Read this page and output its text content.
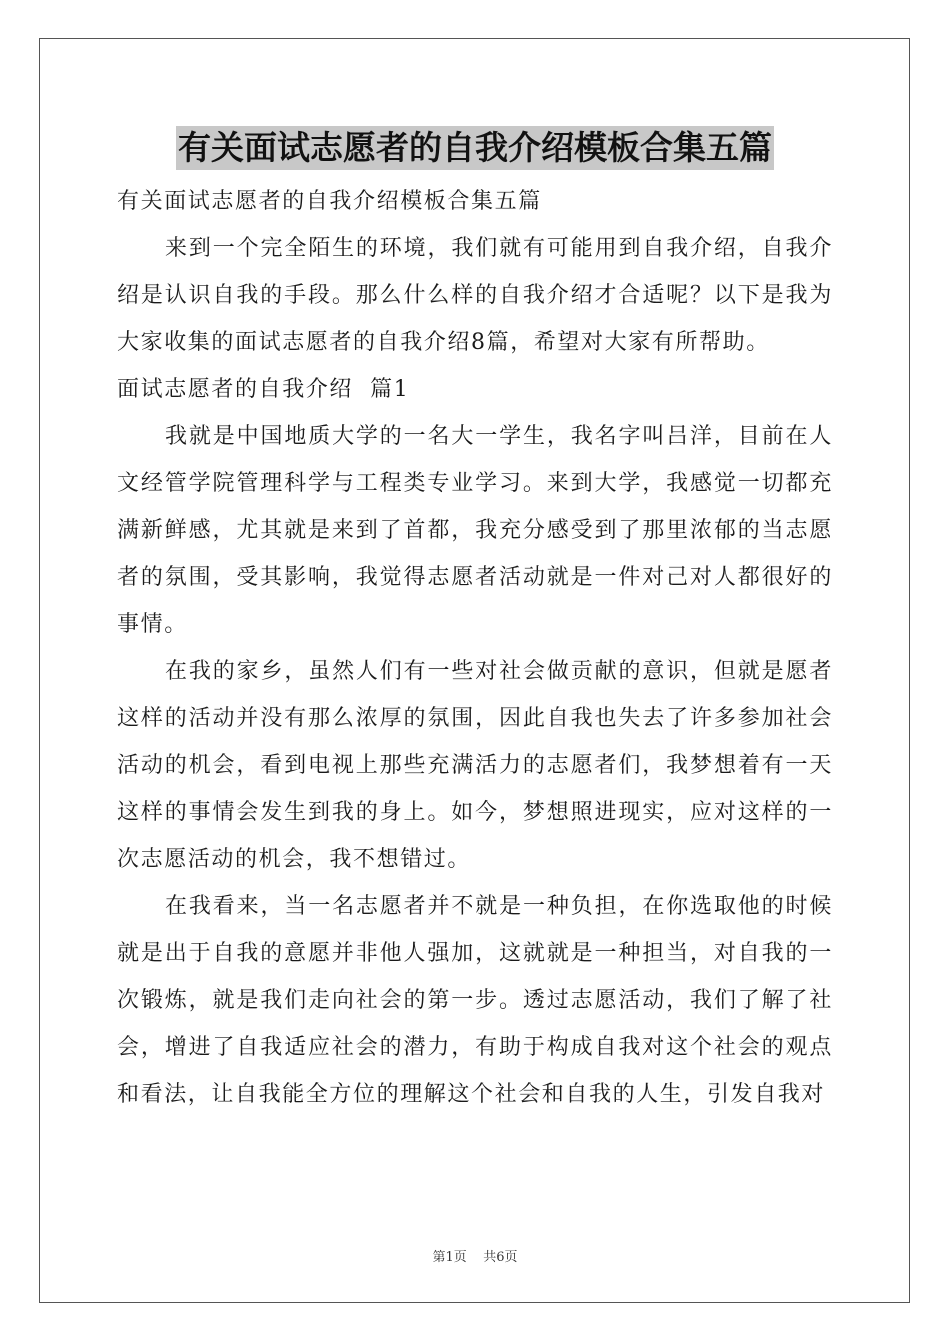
有关面试志愿者的自我介绍模板合集五篇

有关面试志愿者的自我介绍模板合集五篇

来到一个完全陌生的环境，我们就有可能用到自我介绍，自我介绍是认识自我的手段。那么什么样的自我介绍才合适呢？以下是我为大家收集的面试志愿者的自我介绍8篇，希望对大家有所帮助。

面试志愿者的自我介绍  篇1

我就是中国地质大学的一名大一学生，我名字叫吕洋，目前在人文经管学院管理科学与工程类专业学习。来到大学，我感觉一切都充满新鲜感，尤其就是来到了首都，我充分感受到了那里浓郁的当志愿者的氛围，受其影响，我觉得志愿者活动就是一件对己对人都很好的事情。

在我的家乡，虽然人们有一些对社会做贡献的意识，但就是愿者这样的活动并没有那么浓厚的氛围，因此自我也失去了许多参加社会活动的机会，看到电视上那些充满活力的志愿者们，我梦想着有一天这样的事情会发生到我的身上。如今，梦想照进现实，应对这样的一次志愿活动的机会，我不想错过。

在我看来，当一名志愿者并不就是一种负担，在你选取他的时候就是出于自我的意愿并非他人强加，这就就是一种担当，对自我的一次锻炼，就是我们走向社会的第一步。透过志愿活动，我们了解了社会，增进了自我适应社会的潜力，有助于构成自我对这个社会的观点和看法，让自我能全方位的理解这个社会和自我的人生，引发自我对

第1页 共6页
